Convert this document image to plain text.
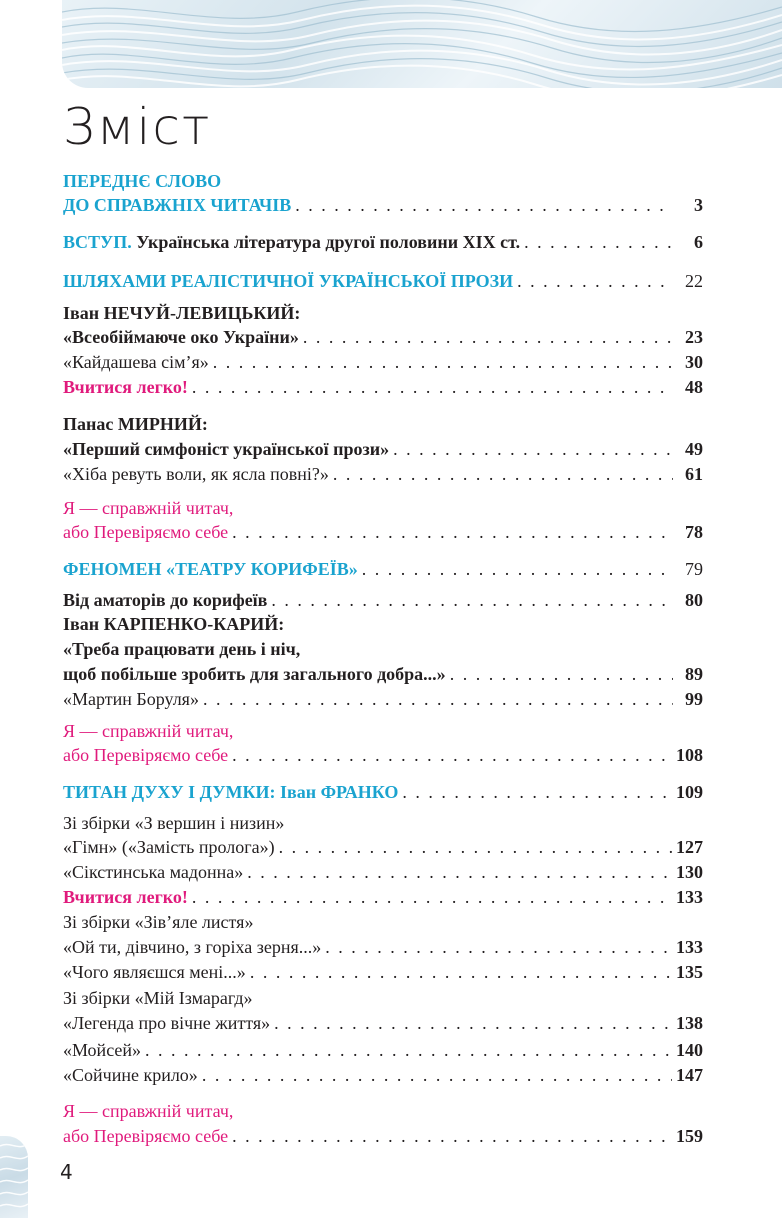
Зміст
ПЕРЕДНЄ СЛОВО
ДО СПРАВЖНІХ ЧИТАЧІВ . . .	3
ВСТУП.
Українська література другої половини XIX ст. . . .	6
ШЛЯХАМИ РЕАЛІСТИЧНОЇ УКРАЇНСЬКОЇ ПРОЗИ . . .	22
Іван НЕЧУЙ-ЛЕВИЦЬКИЙ:
«Всеобіймаюче око України» . . .	23
«Кайдашева сім’я» . . .	30
Вчитися легко! . . .	48
Панас МИРНИЙ:
«Перший симфоніст української прози» . . .	49
«Хіба ревуть воли, як ясла повні?» . . .	61
Я — справжній читач,
або Перевіряємо себе . . .	78
ФЕНОМЕН «ТЕАТРУ КОРИФЕЇВ» . . .	79
Від аматорів до корифеїв . . .	80
Іван КАРПЕНКО-КАРИЙ:
«Треба працювати день і ніч,
щоб побільше зробить для загального добра...» . . .	89
«Мартин Боруля» . . .	99
Я — справжній читач,
або Перевіряємо себе . . .	108
ТИТАН ДУХУ І ДУМКИ:
Іван ФРАНКО . . .	109
Зі збірки «З вершин і низин»
«Гімн» («Замість пролога») . . .	127
«Сікстинська мадонна» . . .	130
Вчитися легко! . . .	133
Зі збірки «Зів’яле листя»
«Ой ти, дівчино, з горіха зерня...» . . .	133
«Чого являєшся мені...» . . .	135
Зі збірки «Мій Ізмарагд»
«Легенда про вічне життя» . . .	138
«Мойсей» . . .	140
«Сойчине крило» . . .	147
Я — справжній читач,
або Перевіряємо себе . . .	159
4
